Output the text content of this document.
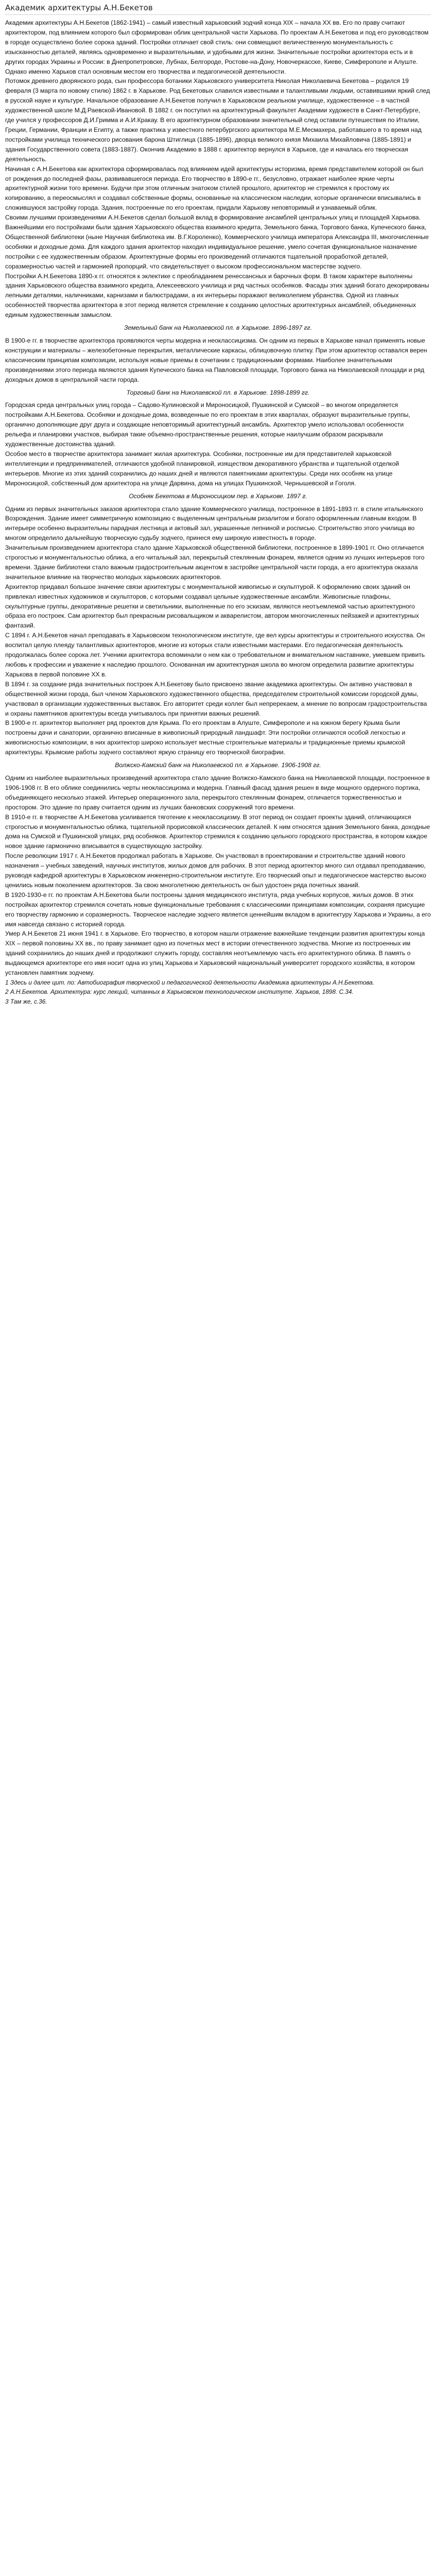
Академик архитектуры А.Н.Бекетов

Академик архитектуры А.Н.Бекетов (1862-1941) – самый известный харьковский зодчий конца XIX – начала XX вв. Его по праву считают архитектором, под влиянием которого был сформирован облик центральной части Харькова. По проектам А.Н.Бекетова и под его руководством в городе осуществлено более сорока зданий. Постройки отличает свой стиль: они совмещают величественную монументальность с изысканностью деталей, являясь одновременно и выразительными, и удобными для жизни. Значительные постройки архитектора есть и в других городах Украины и России: в Днепропетровске, Лубнах, Белгороде, Ростове-на-Дону, Новочеркасске, Киеве, Симферополе и Алуште. Однако именно Харьков стал основным местом его творчества и педагогической деятельности.

Потомок древнего дворянского рода, сын профессора ботаники Харьковского университета Николая Николаевича Бекетова – родился 19 февраля (3 марта по новому стилю) 1862 г. в Харькове. Род Бекетовых славился известными и талантливыми людьми, оставившими яркий след в русской науке и культуре. Начальное образование А.Н.Бекетов получил в Харьковском реальном училище, художественное – в частной художественной школе М.Д.Раевской-Ивановой. В 1882 г. он поступил на архитектурный факультет Академии художеств в Санкт-Петербурге, где учился у профессоров Д.И.Гримма и А.И.Кракау. В его архитектурном образовании значительный след оставили путешествия по Италии, Греции, Германии, Франции и Египту, а также практика у известного петербургского архитектора М.Е.Месмахера, работавшего в то время над постройками училища технического рисования барона Штиглица (1885-1896), дворца великого князя Михаила Михайловича (1885-1891) и здания Государственного совета (1883-1887). Окончив Академию в 1888 г. архитектор вернулся в Харьков, где и началась его творческая деятельность.

Начиная с А.Н.Бекетова как архитектора сформировалась под влиянием идей архитектуры историзма, время представителем которой он был от рождения до последней фазы, развивавшегося периода. Его творчество в 1890-е гг., безусловно, отражает наиболее яркие черты архитектурной жизни того времени. Будучи при этом отличным знатоком стилей прошлого, архитектор не стремился к простому их копированию, а переосмыслял и создавал собственные формы, основанные на классическом наследии, которые органически вписывались в сложившуюся застройку города. Здания, построенные по его проектам, придали Харькову неповторимый и узнаваемый облик.

Своими лучшими произведениями А.Н.Бекетов сделал большой вклад в формирование ансамблей центральных улиц и площадей Харькова. Важнейшими его постройками были здания Харьковского общества взаимного кредита, Земельного банка, Торгового банка, Купеческого банка, Общественной библиотеки (ныне Научная библиотека им. В.Г.Короленко), Коммерческого училища императора Александра III, многочисленные особняки и доходные дома. Для каждого здания архитектор находил индивидуальное решение, умело сочетая функциональное назначение постройки с ее художественным образом. Архитектурные формы его произведений отличаются тщательной проработкой деталей, соразмерностью частей и гармонией пропорций, что свидетельствует о высоком профессиональном мастерстве зодчего.

Постройки А.Н.Бекетова 1890-х гг. относятся к эклектике с преобладанием ренессансных и барочных форм. В таком характере выполнены здания Харьковского общества взаимного кредита, Алексеевского училища и ряд частных особняков. Фасады этих зданий богато декорированы лепными деталями, наличниками, карнизами и балюстрадами, а их интерьеры поражают великолепием убранства. Одной из главных особенностей творчества архитектора в этот период является стремление к созданию целостных архитектурных ансамблей, объединенных единым художественным замыслом.

Земельный банк на Николаевской пл. в Харькове. 1896-1897 гг.

В 1900-е гг. в творчестве архитектора проявляются черты модерна и неоклассицизма. Он одним из первых в Харькове начал применять новые конструкции и материалы – железобетонные перекрытия, металлические каркасы, облицовочную плитку. При этом архитектор оставался верен классическим принципам композиции, используя новые приемы в сочетании с традиционными формами. Наиболее значительными произведениями этого периода являются здания Купеческого банка на Павловской площади, Торгового банка на Николаевской площади и ряд доходных домов в центральной части города.

Торговый банк на Николаевской пл. в Харькове. 1898-1899 гг.

Городская среда центральных улиц города – Садово-Кулиновской и Мироносицкой, Пушкинской и Сумской – во многом определяется постройками А.Н.Бекетова. Особняки и доходные дома, возведенные по его проектам в этих кварталах, образуют выразительные группы, органично дополняющие друг друга и создающие неповторимый архитектурный ансамбль. Архитектор умело использовал особенности рельефа и планировки участков, выбирая такие объемно-пространственные решения, которые наилучшим образом раскрывали художественные достоинства зданий.

Особое место в творчестве архитектора занимает жилая архитектура. Особняки, построенные им для представителей харьковской интеллигенции и предпринимателей, отличаются удобной планировкой, изяществом декоративного убранства и тщательной отделкой интерьеров. Многие из этих зданий сохранились до наших дней и являются памятниками архитектуры. Среди них особняк на улице Мироносицкой, собственный дом архитектора на улице Дарвина, дома на улицах Пушкинской, Чернышевской и Гоголя.

Особняк Бекетова в Мироносицком пер. в Харькове. 1897 г.

Одним из первых значительных заказов архитектора стало здание Коммерческого училища, построенное в 1891-1893 гг. в стиле итальянского Возрождения. Здание имеет симметричную композицию с выделенным центральным ризалитом и богато оформленным главным входом. В интерьере особенно выразительны парадная лестница и актовый зал, украшенные лепниной и росписью. Строительство этого училища во многом определило дальнейшую творческую судьбу зодчего, принеся ему широкую известность в городе.

Значительным произведением архитектора стало здание Харьковской общественной библиотеки, построенное в 1899-1901 гг. Оно отличается строгостью и монументальностью облика, а его читальный зал, перекрытый стеклянным фонарем, является одним из лучших интерьеров того времени. Здание библиотеки стало важным градостроительным акцентом в застройке центральной части города, а его архитектура оказала значительное влияние на творчество молодых харьковских архитекторов.

Архитектор придавал большое значение связи архитектуры с монументальной живописью и скульптурой. К оформлению своих зданий он привлекал известных художников и скульпторов, с которыми создавал цельные художественные ансамбли. Живописные плафоны, скульптурные группы, декоративные решетки и светильники, выполненные по его эскизам, являются неотъемлемой частью архитектурного образа его построек. Сам архитектор был прекрасным рисовальщиком и акварелистом, автором многочисленных пейзажей и архитектурных фантазий.

С 1894 г. А.Н.Бекетов начал преподавать в Харьковском технологическом институте, где вел курсы архитектуры и строительного искусства. Он воспитал целую плеяду талантливых архитекторов, многие из которых стали известными мастерами. Его педагогическая деятельность продолжалась более сорока лет. Ученики архитектора вспоминали о нем как о требовательном и внимательном наставнике, умевшем привить любовь к профессии и уважение к наследию прошлого. Основанная им архитектурная школа во многом определила развитие архитектуры Харькова в первой половине XX в.

В 1894 г. за создание ряда значительных построек А.Н.Бекетову было присвоено звание академика архитектуры. Он активно участвовал в общественной жизни города, был членом Харьковского художественного общества, председателем строительной комиссии городской думы, участвовал в организации художественных выставок. Его авторитет среди коллег был непререкаем, а мнение по вопросам градостроительства и охраны памятников архитектуры всегда учитывалось при принятии важных решений.

В 1900-е гг. архитектор выполняет ряд проектов для Крыма. По его проектам в Алуште, Симферополе и на южном берегу Крыма были построены дачи и санатории, органично вписанные в живописный природный ландшафт. Эти постройки отличаются особой легкостью и живописностью композиции, в них архитектор широко использует местные строительные материалы и традиционные приемы крымской архитектуры. Крымские работы зодчего составляют яркую страницу его творческой биографии.

Волжско-Камский банк на Николаевской пл. в Харькове. 1906-1908 гг.

Одним из наиболее выразительных произведений архитектора стало здание Волжско-Камского банка на Николаевской площади, построенное в 1906-1908 гг. В его облике соединились черты неоклассицизма и модерна. Главный фасад здания решен в виде мощного ордерного портика, объединяющего несколько этажей. Интерьер операционного зала, перекрытого стеклянным фонарем, отличается торжественностью и простором. Это здание по праву считается одним из лучших банковских сооружений того времени.

В 1910-е гг. в творчестве А.Н.Бекетова усиливается тяготение к неоклассицизму. В этот период он создает проекты зданий, отличающихся строгостью и монументальностью облика, тщательной прорисовкой классических деталей. К ним относятся здания Земельного банка, доходные дома на Сумской и Пушкинской улицах, ряд особняков. Архитектор стремился к созданию цельного городского пространства, в котором каждое новое здание гармонично вписывается в существующую застройку.

После революции 1917 г. А.Н.Бекетов продолжал работать в Харькове. Он участвовал в проектировании и строительстве зданий нового назначения – учебных заведений, научных институтов, жилых домов для рабочих. В этот период архитектор много сил отдавал преподаванию, руководя кафедрой архитектуры в Харьковском инженерно-строительном институте. Его творческий опыт и педагогическое мастерство высоко ценились новым поколением архитекторов. За свою многолетнюю деятельность он был удостоен ряда почетных званий.

В 1920-1930-е гг. по проектам А.Н.Бекетова были построены здания медицинского института, ряда учебных корпусов, жилых домов. В этих постройках архитектор стремился сочетать новые функциональные требования с классическими принципами композиции, сохраняя присущие его творчеству гармонию и соразмерность. Творческое наследие зодчего является ценнейшим вкладом в архитектуру Харькова и Украины, а его имя навсегда связано с историей города.

Умер А.Н.Бекетов 21 июня 1941 г. в Харькове. Его творчество, в котором нашли отражение важнейшие тенденции развития архитектуры конца XIX – первой половины XX вв., по праву занимает одно из почетных мест в истории отечественного зодчества. Многие из построенных им зданий сохранились до наших дней и продолжают служить городу, составляя неотъемлемую часть его архитектурного облика. В память о выдающемся архитекторе его имя носит одна из улиц Харькова и Харьковский национальный университет городского хозяйства, в котором установлен памятник зодчему.

1 Здесь и далее цит. по: Автобиография творческой и педагогической деятельности Академика архитектуры А.Н.Бекетова.

2 А.Н.Бекетов. Архитектура: курс лекций, читанных в Харьковском технологическом институте. Харьков, 1898. С.34.

3 Там же, с.36.
